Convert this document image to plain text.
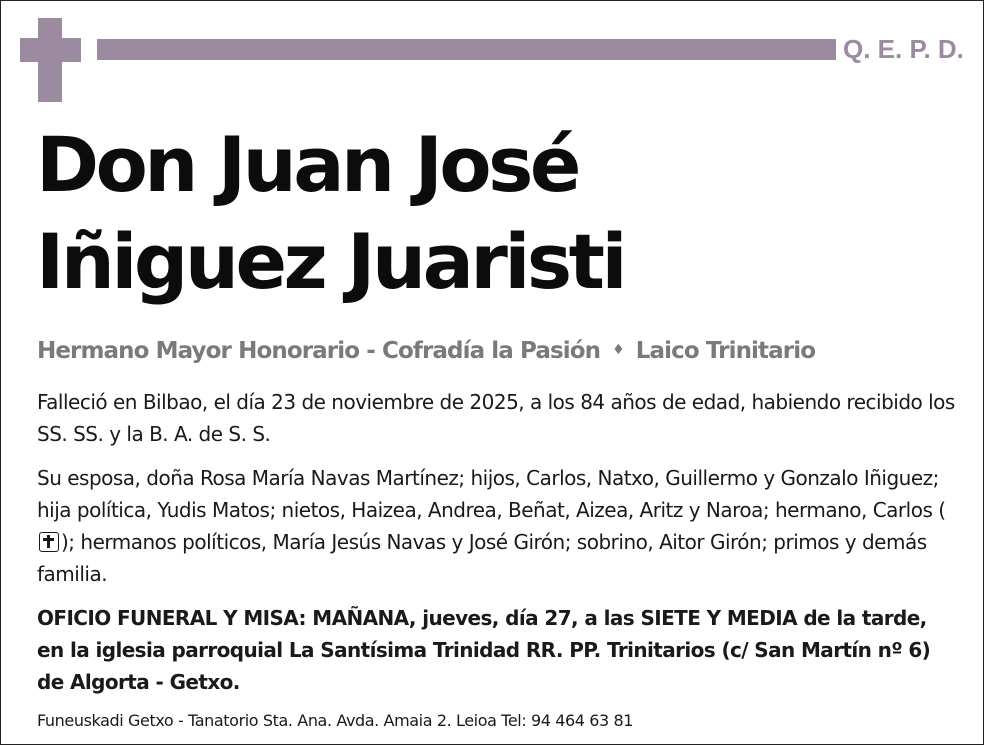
Q. E. P. D.
Don Juan José
Iñiguez Juaristi
Hermano Mayor Honorario - Cofradía la Pasión ♦ Laico Trinitario
Falleció en Bilbao, el día 23 de noviembre de 2025, a los 84 años de edad, habiendo recibido los SS. SS. y la B. A. de S. S.
Su esposa, doña Rosa María Navas Martínez; hijos, Carlos, Natxo, Guillermo y Gonzalo Iñiguez; hija política, Yudis Matos; nietos, Haizea, Andrea, Beñat, Aizea, Aritz y Naroa; hermano, Carlos (); hermanos políticos, María Jesús Navas y José Girón; sobrino, Aitor Girón; primos y demás familia.
OFICIO FUNERAL Y MISA: MAÑANA, jueves, día 27, a las SIETE Y MEDIA de la tarde, en la iglesia parroquial La Santísima Trinidad RR. PP. Trinitarios (c/ San Martín nº 6) de Algorta - Getxo.
Funeuskadi Getxo - Tanatorio Sta. Ana. Avda. Amaia 2. Leioa Tel: 94 464 63 81
